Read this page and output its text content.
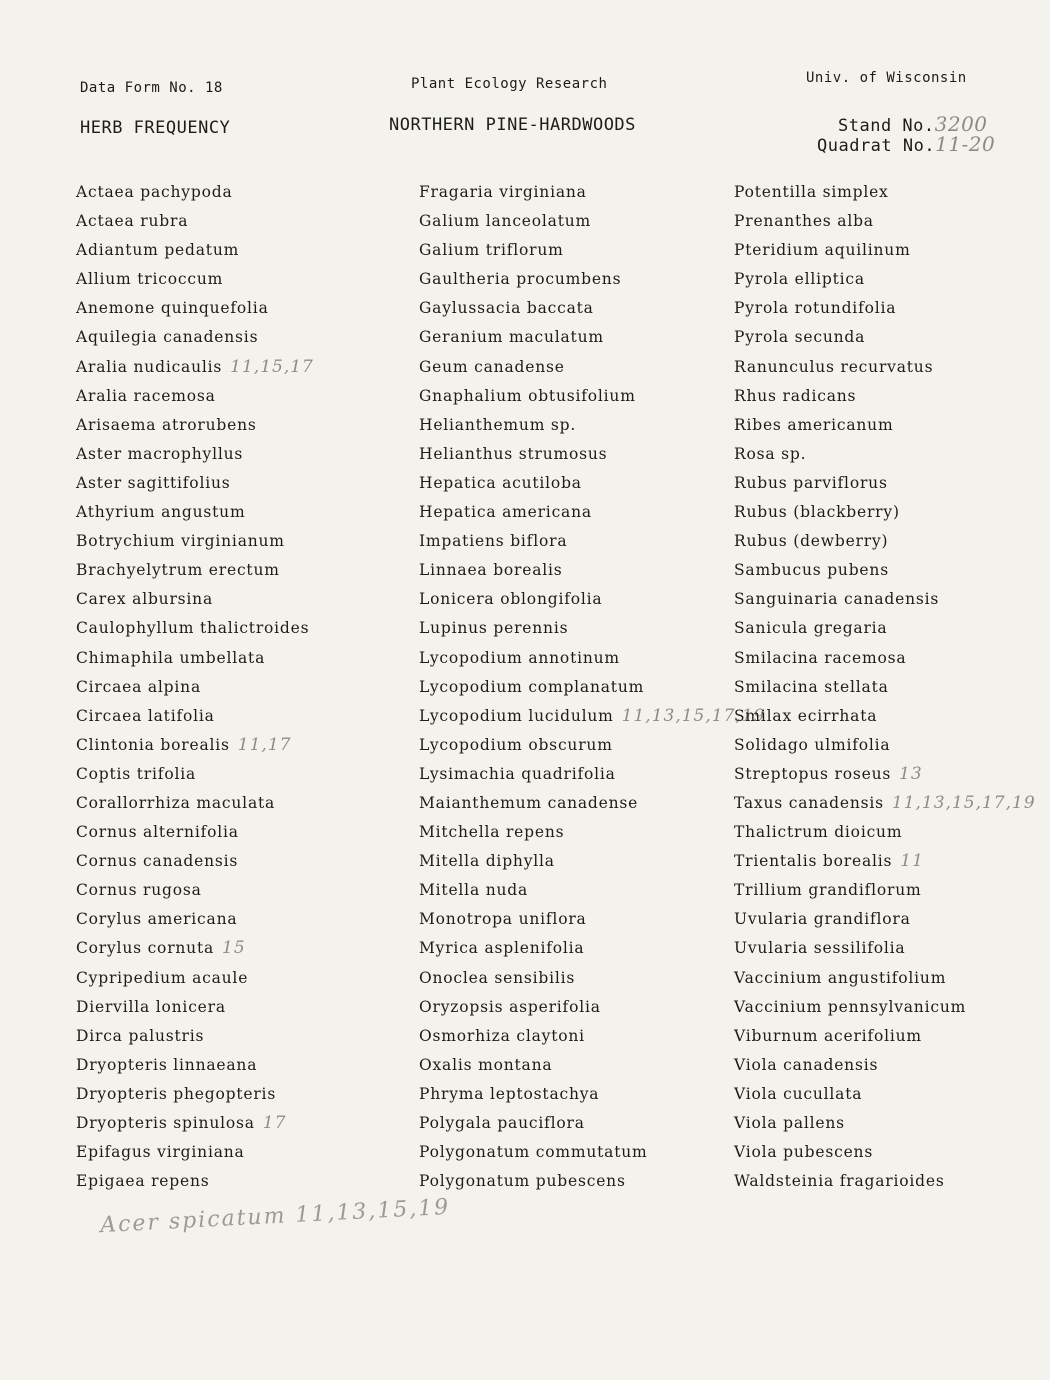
Data Form No. 18	Plant Ecology Research	Univ. of Wisconsin
HERB FREQUENCY	NORTHERN PINE-HARDWOODS	Stand No.3200
Quadrat No.11-20
Actaea pachypoda
Actaea rubra
Adiantum pedatum
Allium tricoccum
Anemone quinquefolia
Aquilegia canadensis
Aralia nudicaulis 11,15,17
Aralia racemosa
Arisaema atrorubens
Aster macrophyllus
Aster sagittifolius
Athyrium angustum
Botrychium virginianum
Brachyelytrum erectum
Carex albursina
Caulophyllum thalictroides
Chimaphila umbellata
Circaea alpina
Circaea latifolia
Clintonia borealis 11,17
Coptis trifolia
Corallorrhiza maculata
Cornus alternifolia
Cornus canadensis
Cornus rugosa
Corylus americana
Corylus cornuta 15
Cypripedium acaule
Diervilla lonicera
Dirca palustris
Dryopteris linnaeana
Dryopteris phegopteris
Dryopteris spinulosa 17
Epifagus virginiana
Epigaea repens
Fragaria virginiana
Galium lanceolatum
Galium triflorum
Gaultheria procumbens
Gaylussacia baccata
Geranium maculatum
Geum canadense
Gnaphalium obtusifolium
Helianthemum sp.
Helianthus strumosus
Hepatica acutiloba
Hepatica americana
Impatiens biflora
Linnaea borealis
Lonicera oblongifolia
Lupinus perennis
Lycopodium annotinum
Lycopodium complanatum
Lycopodium lucidulum 11,13,15,17,19
Lycopodium obscurum
Lysimachia quadrifolia
Maianthemum canadense
Mitchella repens
Mitella diphylla
Mitella nuda
Monotropa uniflora
Myrica asplenifolia
Onoclea sensibilis
Oryzopsis asperifolia
Osmorhiza claytoni
Oxalis montana
Phryma leptostachya
Polygala pauciflora
Polygonatum commutatum
Polygonatum pubescens
Potentilla simplex
Prenanthes alba
Pteridium aquilinum
Pyrola elliptica
Pyrola rotundifolia
Pyrola secunda
Ranunculus recurvatus
Rhus radicans
Ribes americanum
Rosa sp.
Rubus parviflorus
Rubus (blackberry)
Rubus (dewberry)
Sambucus pubens
Sanguinaria canadensis
Sanicula gregaria
Smilacina racemosa
Smilacina stellata
Smilax ecirrhata
Solidago ulmifolia
Streptopus roseus 13
Taxus canadensis 11,13,15,17,19
Thalictrum dioicum
Trientalis borealis 11
Trillium grandiflorum
Uvularia grandiflora
Uvularia sessilifolia
Vaccinium angustifolium
Vaccinium pennsylvanicum
Viburnum acerifolium
Viola canadensis
Viola cucullata
Viola pallens
Viola pubescens
Waldsteinia fragarioides
Acer spicatum 11,13,15,19
